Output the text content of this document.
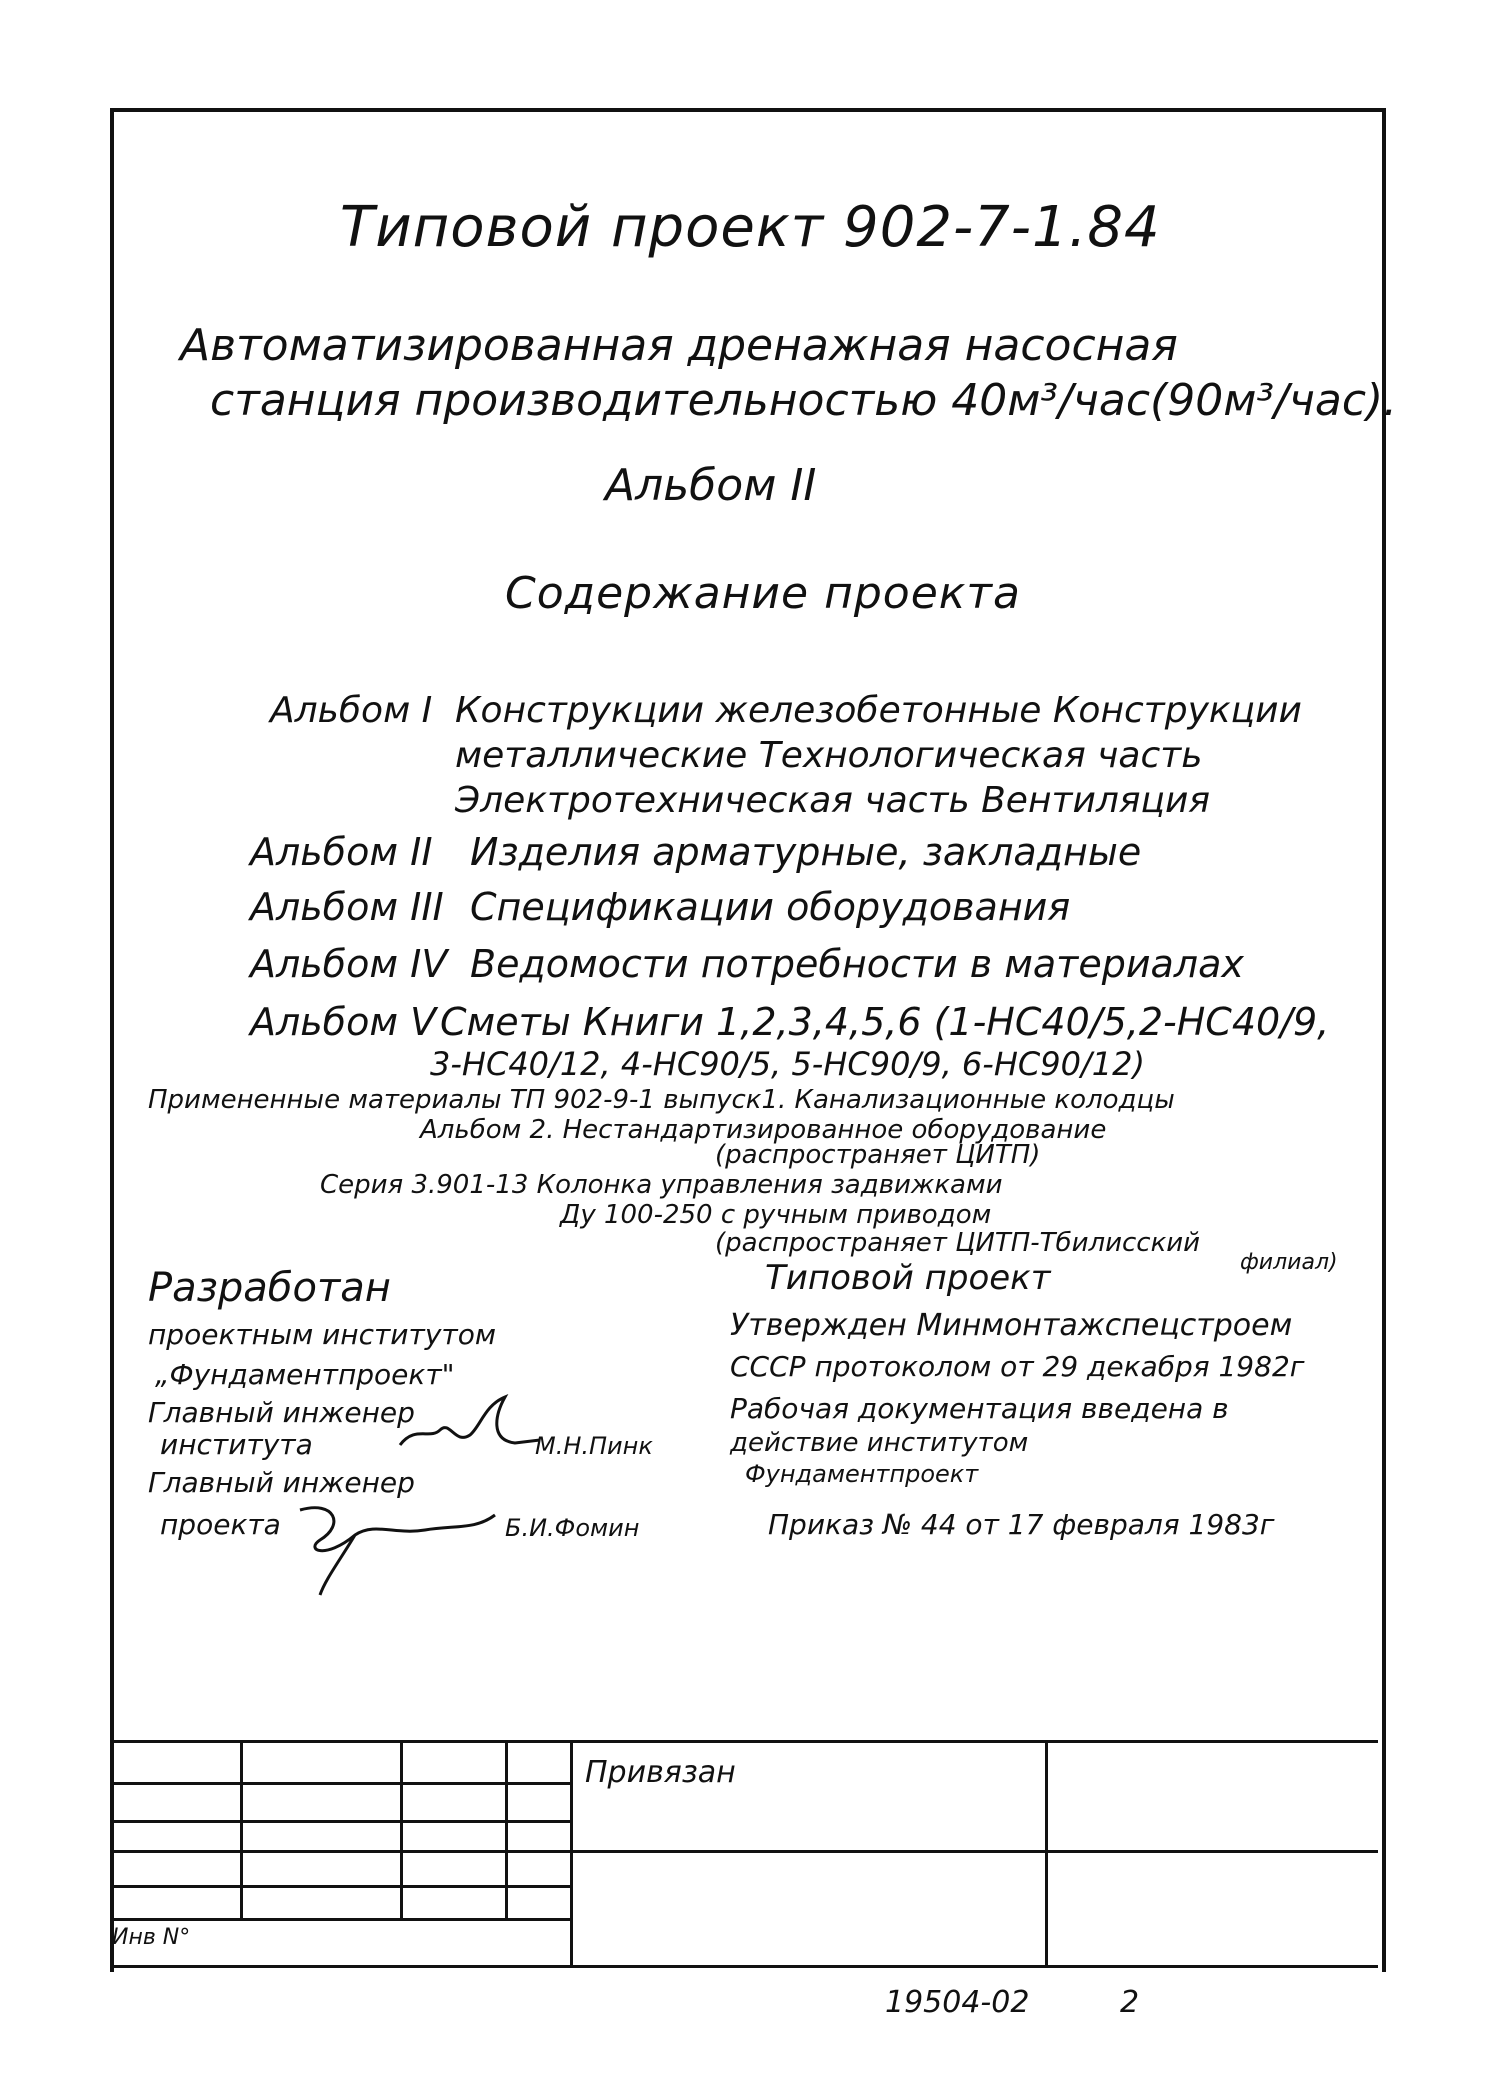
Типовой проект 902-7-1.84
Автоматизированная дренажная насосная
станция производительностью 40м³/час(90м³/час).
Альбом II
Содержание проекта
Альбом I Конструкции железобетонные Конструкции
металлические Технологическая часть
Электротехническая часть Вентиляция
Альбом II Изделия арматурные, закладные
Альбом III Спецификации оборудования
Альбом IV Ведомости потребности в материалах
Альбом V Сметы Книги 1,2,3,4,5,6 (1-НС40/5,2-НС40/9,
3-НС40/12, 4-НС90/5, 5-НС90/9, 6-НС90/12)
Примененные материалы ТП 902-9-1 выпуск1. Канализационные колодцы
Альбом 2. Нестандартизированное оборудование
(распространяет ЦИТП)
Серия 3.901-13 Колонка управления задвижками
Ду 100-250 с ручным приводом
(распространяет ЦИТП-Тбилисский
филиал)
Разработан
проектным институтом
„Фундаментпроект"
Главный инженер
института	М.Н.Пинк
Главный инженер
проекта	Б.И.Фомин
Типовой проект
Утвержден Минмонтажспецстроем
СССР протоколом от 29 декабря 1982г
Рабочая документация введена в
действие институтом
Фундаментпроект
Приказ № 44 от 17 февраля 1983г
Привязан
Инв N°
19504-02	2
